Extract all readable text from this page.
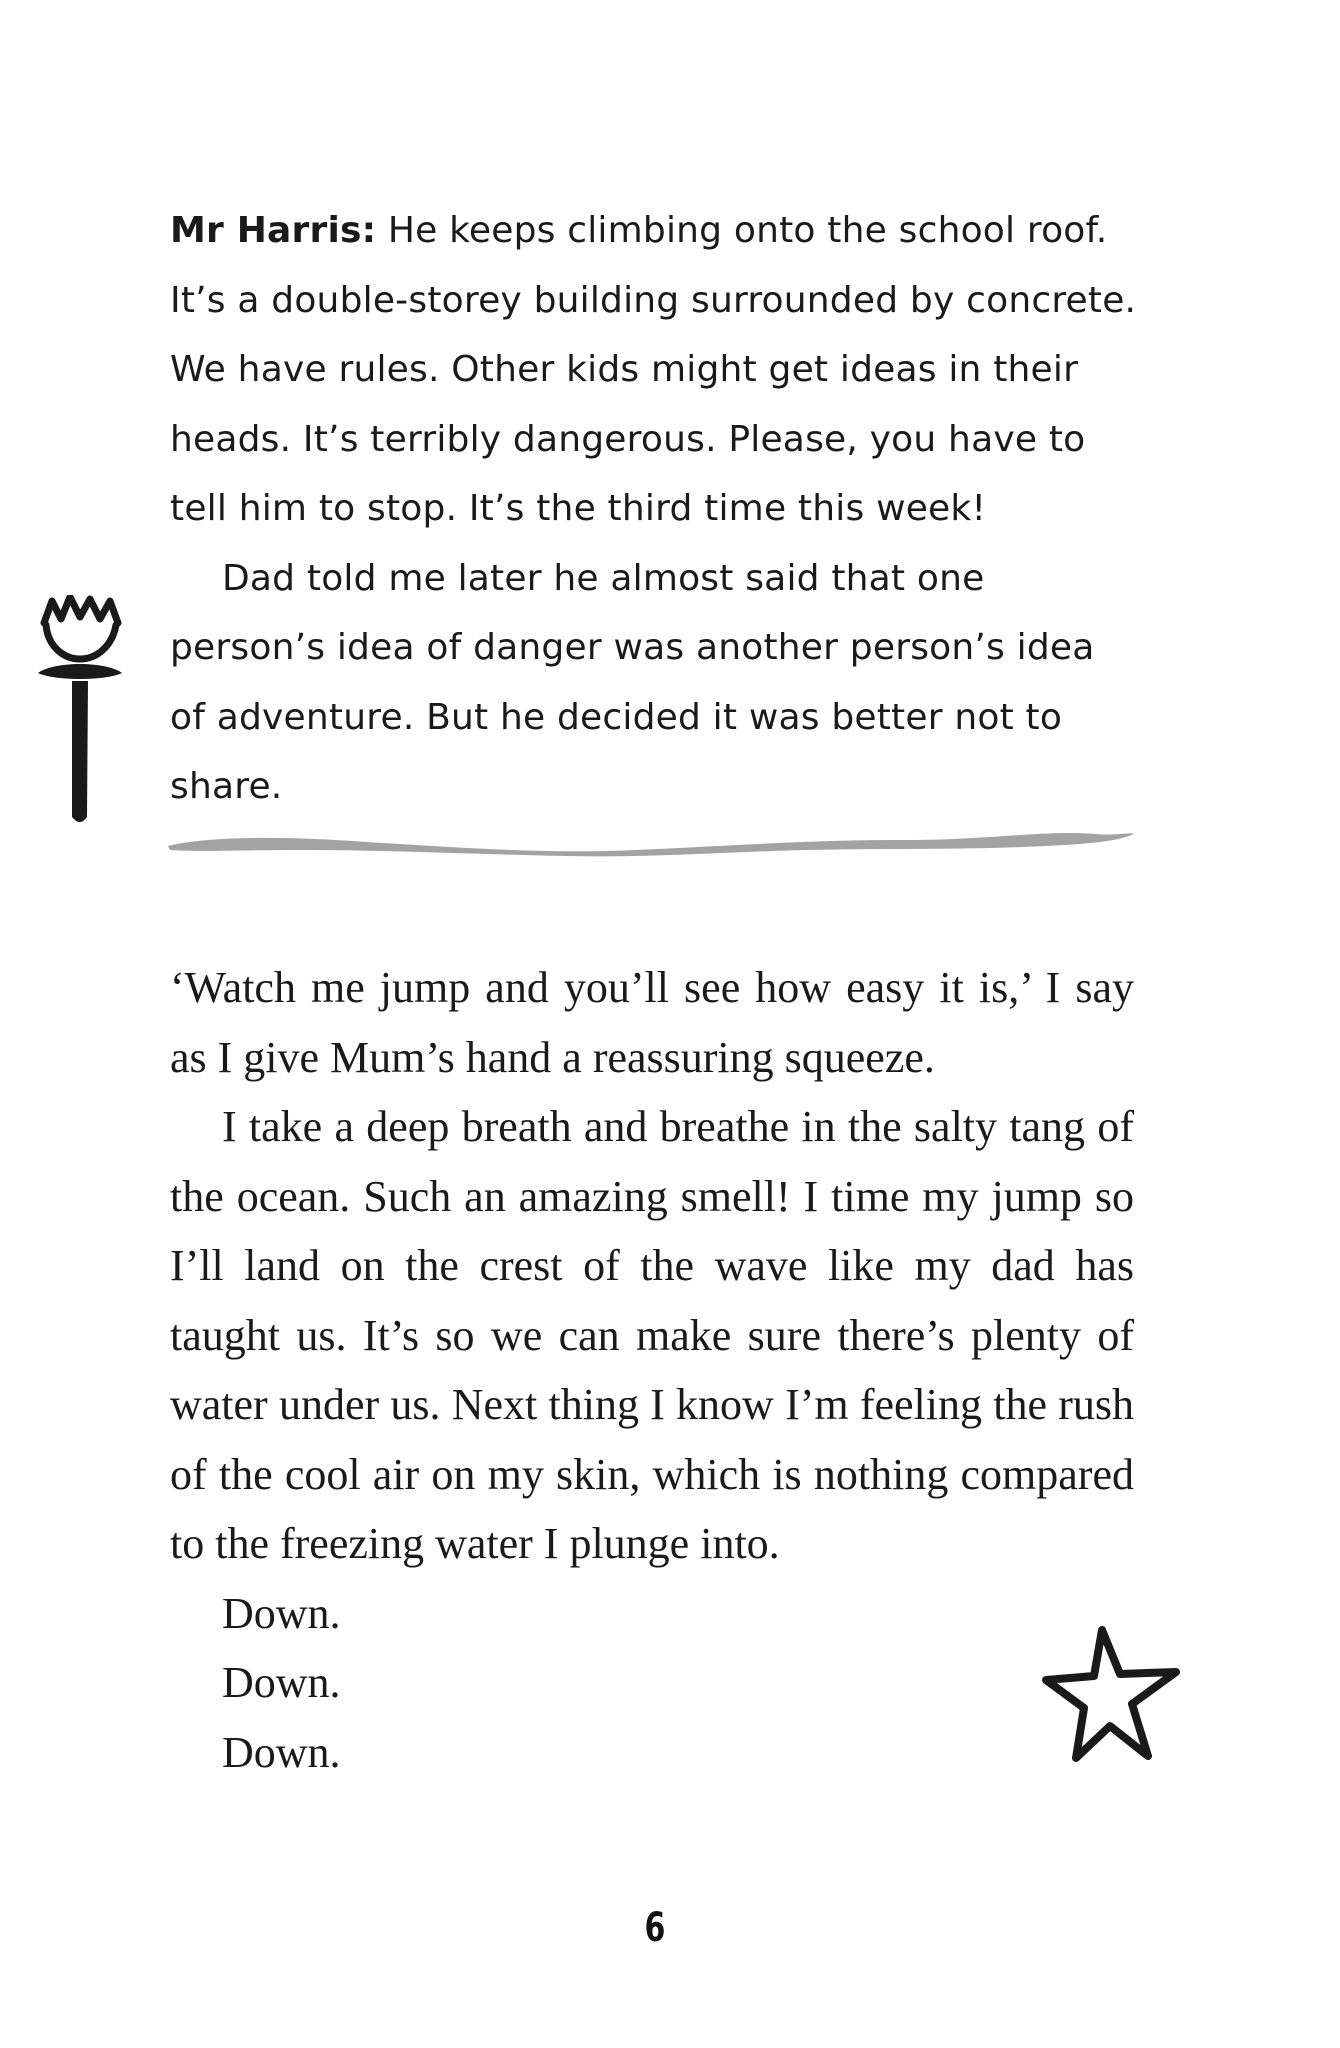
Mr Harris: He keeps climbing onto the school roof. It’s a double-storey building surrounded by concrete. We have rules. Other kids might get ideas in their heads. It’s terribly dangerous. Please, you have to tell him to stop. It’s the third time this week!

Dad told me later he almost said that one person’s idea of danger was another person’s idea of adventure. But he decided it was better not to share.

‘Watch me jump and you’ll see how easy it is,’ I say as I give Mum’s hand a reassuring squeeze.

I take a deep breath and breathe in the salty tang of the ocean. Such an amazing smell! I time my jump so I’ll land on the crest of the wave like my dad has taught us. It’s so we can make sure there’s plenty of water under us. Next thing I know I’m feeling the rush of the cool air on my skin, which is nothing compared to the freezing water I plunge into.

Down.

Down.

Down.

6
